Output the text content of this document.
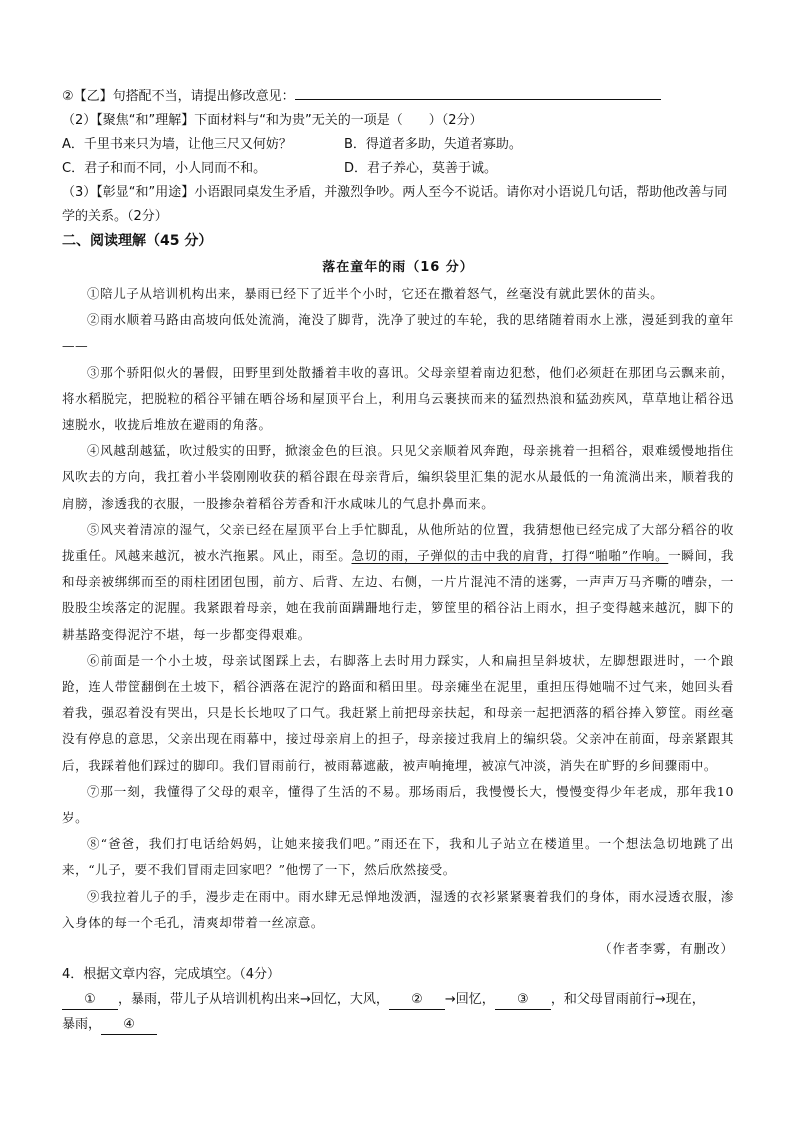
②【乙】句搭配不当，请提出修改意见：
（2）【聚焦“和”理解】下面材料与“和为贵”无关的一项是（　　）（2分）
A．千里书来只为墙，让他三尺又何妨？	B．得道者多助，失道者寡助。
C．君子和而不同，小人同而不和。	D．君子养心，莫善于诚。
（3）【彰显“和”用途】小语跟同桌发生矛盾，并激烈争吵。两人至今不说话。请你对小语说几句话，帮助他改善与同学的关系。（2分）
二、阅读理解（45 分）
落在童年的雨（16 分）
①陪儿子从培训机构出来，暴雨已经下了近半个小时，它还在撒着怒气，丝毫没有就此罢休的苗头。
②雨水顺着马路由高坡向低处流淌，淹没了脚背，洗净了驶过的车轮，我的思绪随着雨水上涨，漫延到我的童年——
③那个骄阳似火的暑假，田野里到处散播着丰收的喜讯。父母亲望着南边犯愁，他们必须赶在那团乌云飘来前，将水稻脱完，把脱粒的稻谷平铺在晒谷场和屋顶平台上，利用乌云裹挟而来的猛烈热浪和猛劲疾风，草草地让稻谷迅速脱水，收拢后堆放在避雨的角落。
④风越刮越猛，吹过般实的田野，掀滚金色的巨浪。只见父亲顺着风奔跑，母亲挑着一担稻谷，艰难缓慢地指住风吹去的方向，我扛着小半袋刚刚收获的稻谷跟在母亲背后，编织袋里汇集的泥水从最低的一角流淌出来，顺着我的肩膀，渗透我的衣服，一股掺杂着稻谷芳香和汗水咸味儿的气息扑鼻而来。
⑤风夹着清凉的湿气，父亲已经在屋顶平台上手忙脚乱，从他所站的位置，我猜想他已经完成了大部分稻谷的收拢重任。风越来越沉，被水汽拖累。风止，雨至。急切的雨，子弹似的击中我的肩背，打得“啪啪”作响。一瞬间，我和母亲被绑绑而至的雨柱团团包围，前方、后背、左边、右侧，一片片混沌不清的迷雾，一声声万马齐嘶的嘈杂，一股股尘埃落定的泥腥。我紧跟着母亲，她在我前面蹒跚地行走，箩筐里的稻谷沾上雨水，担子变得越来越沉，脚下的耕基路变得泥泞不堪，每一步都变得艰难。
⑥前面是一个小土坡，母亲试图踩上去，右脚落上去时用力踩实，人和扁担呈斜坡状，左脚想跟进时，一个踉跄，连人带筐翻倒在土坡下，稻谷洒落在泥泞的路面和稻田里。母亲瘫坐在泥里，重担压得她喘不过气来，她回头看着我，强忍着没有哭出，只是长长地叹了口气。我赶紧上前把母亲扶起，和母亲一起把洒落的稻谷捧入箩筐。雨丝毫没有停息的意思，父亲出现在雨幕中，接过母亲肩上的担子，母亲接过我肩上的编织袋。父亲冲在前面，母亲紧跟其后，我踩着他们踩过的脚印。我们冒雨前行，被雨幕遮蔽，被声响掩埋，被凉气冲淡，消失在旷野的乡间骤雨中。
⑦那一刻，我懂得了父母的艰辛，懂得了生活的不易。那场雨后，我慢慢长大，慢慢变得少年老成，那年我10岁。
⑧“爸爸，我们打电话给妈妈，让她来接我们吧。”雨还在下，我和儿子站立在楼道里。一个想法急切地跳了出来，“儿子，要不我们冒雨走回家吧？”他愣了一下，然后欣然接受。
⑨我拉着儿子的手，漫步走在雨中。雨水肆无忌惮地泼洒，湿透的衣衫紧紧裹着我们的身体，雨水浸透衣服，渗入身体的每一个毛孔，清爽却带着一丝凉意。
（作者李雾，有删改）
4．根据文章内容，完成填空。（4分）
① ，暴雨，带儿子从培训机构出来→回忆，大风， ② →回忆， ③ ，和父母冒雨前行→现在，
暴雨， ④
